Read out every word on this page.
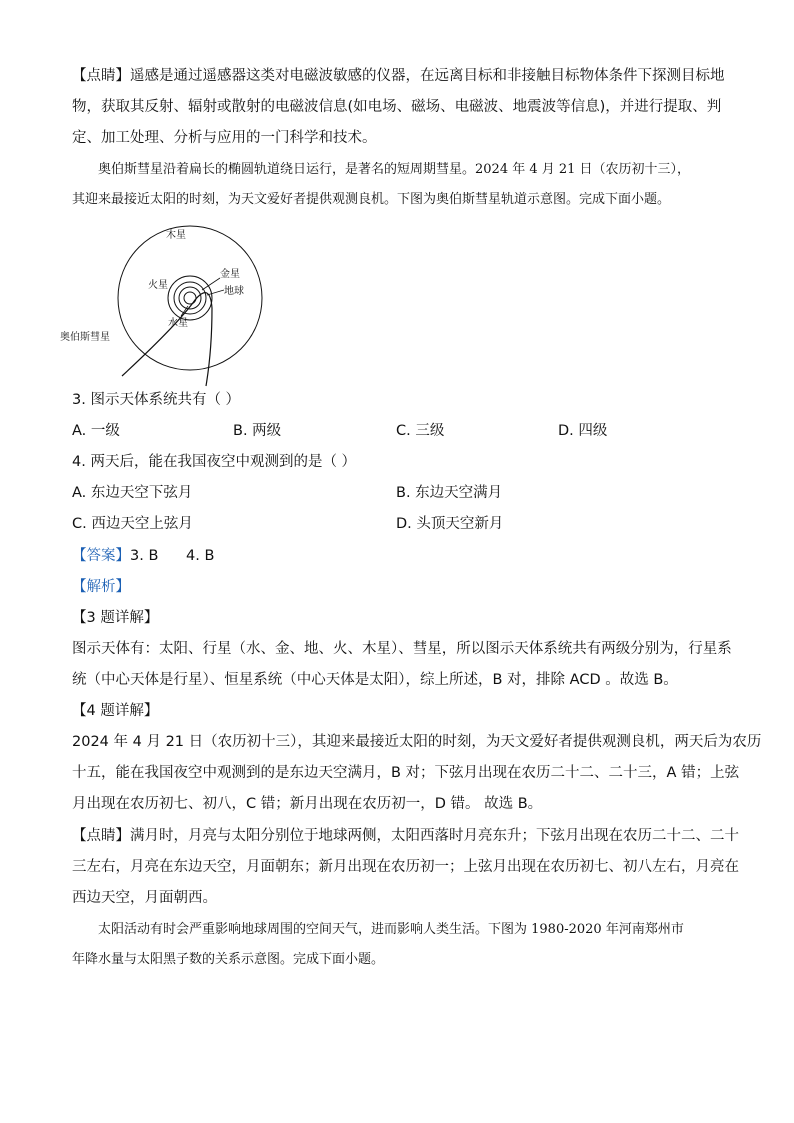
【点睛】遥感是通过遥感器这类对电磁波敏感的仪器，在远离目标和非接触目标物体条件下探测目标地
物，获取其反射、辐射或散射的电磁波信息(如电场、磁场、电磁波、地震波等信息)，并进行提取、判
定、加工处理、分析与应用的一门科学和技术。
奥伯斯彗星沿着扁长的椭圆轨道绕日运行，是著名的短周期彗星。2024 年 4 月 21 日（农历初十三），
其迎来最接近太阳的时刻，为天文爱好者提供观测良机。下图为奥伯斯彗星轨道示意图。完成下面小题。
木星
火星
金星
地球
水星
奥伯斯彗星
3. 图示天体系统共有（ ）
A. 一级	B. 两级	C. 三级	D. 四级
4. 两天后，能在我国夜空中观测到的是（ ）
A. 东边天空下弦月	B. 东边天空满月
C. 西边天空上弦月	D. 头顶天空新月
【答案】3. B      4. B
【解析】
【3 题详解】
图示天体有：太阳、行星（水、金、地、火、木星）、彗星，所以图示天体系统共有两级分别为，行星系
统（中心天体是行星）、恒星系统（中心天体是太阳），综上所述，B 对，排除 ACD 。故选 B。
【4 题详解】
2024 年 4 月 21 日（农历初十三），其迎来最接近太阳的时刻，为天文爱好者提供观测良机，两天后为农历
十五，能在我国夜空中观测到的是东边天空满月，B 对；下弦月出现在农历二十二、二十三，A 错；上弦
月出现在农历初七、初八，C 错；新月出现在农历初一，D 错。 故选 B。
【点睛】满月时，月亮与太阳分别位于地球两侧，太阳西落时月亮东升；下弦月出现在农历二十二、二十
三左右，月亮在东边天空，月面朝东；新月出现在农历初一；上弦月出现在农历初七、初八左右，月亮在
西边天空，月面朝西。
太阳活动有时会严重影响地球周围的空间天气，进而影响人类生活。下图为 1980-2020 年河南郑州市
年降水量与太阳黑子数的关系示意图。完成下面小题。
